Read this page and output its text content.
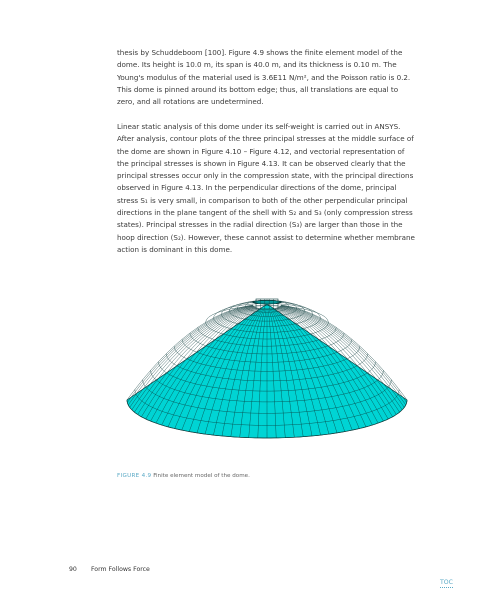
thesis by Schuddeboom [100]. Figure 4.9 shows the finite element model of the dome. Its height is 10.0 m, its span is 40.0 m, and its thickness is 0.10 m. The Young's modulus of the material used is 3.6E11 N/m², and the Poisson ratio is 0.2. This dome is pinned around its bottom edge; thus, all translations are equal to zero, and all rotations are undetermined.

Linear static analysis of this dome under its self-weight is carried out in ANSYS. After analysis, contour plots of the three principal stresses at the middle surface of the dome are shown in Figure 4.10 – Figure 4.12, and vectorial representation of the principal stresses is shown in Figure 4.13. It can be observed clearly that the principal stresses occur only in the compression state, with the principal directions observed in Figure 4.13. In the perpendicular directions of the dome, principal stress S₁ is very small, in comparison to both of the other perpendicular principal directions in the plane tangent of the shell with S₂ and S₃ (only compression stress states). Principal stresses in the radial direction (S₃) are larger than those in the hoop direction (S₂). However, these cannot assist to determine whether membrane action is dominant in this dome.

FIGURE 4.9 Finite element model of the dome.

90 Form Follows Force
TOC
